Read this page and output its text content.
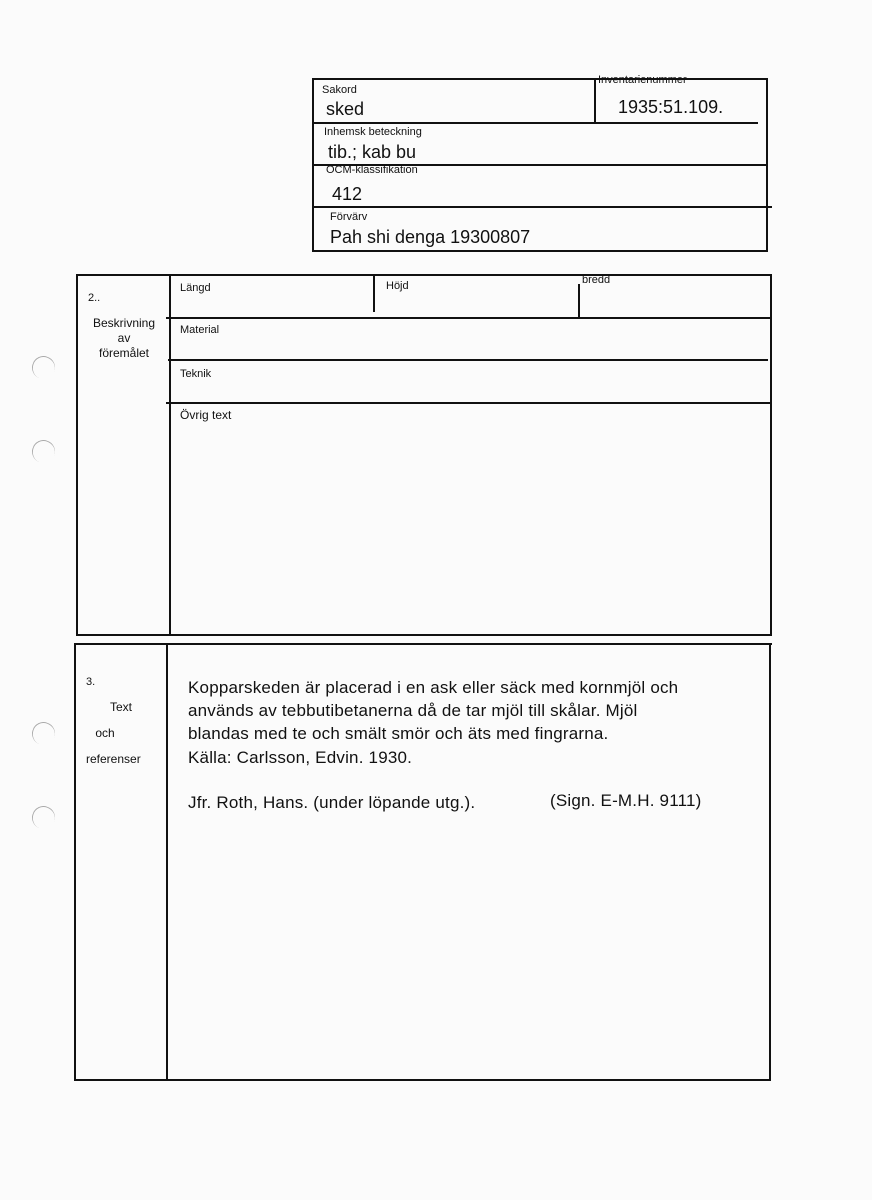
Sakord
sked
Inventarienummer
1935:51.109.
Inhemsk beteckning
tib.; kab bu
OCM-klassifikation
412
Förvärv
Pah shi denga 19300807
2..
Beskrivning
av
föremålet
Längd	Höjd	bredd
Material
Teknik
Övrig text
3.
Text
och
referenser
Kopparskeden är placerad i en ask eller säck med kornmjöl och
används av tebbutibetanerna då de tar mjöl till skålar. Mjöl
blandas med te och smält smör och äts med fingrarna.
Källa: Carlsson, Edvin. 1930.
Jfr. Roth, Hans. (under löpande utg.).	(Sign. E-M.H. 9111)
